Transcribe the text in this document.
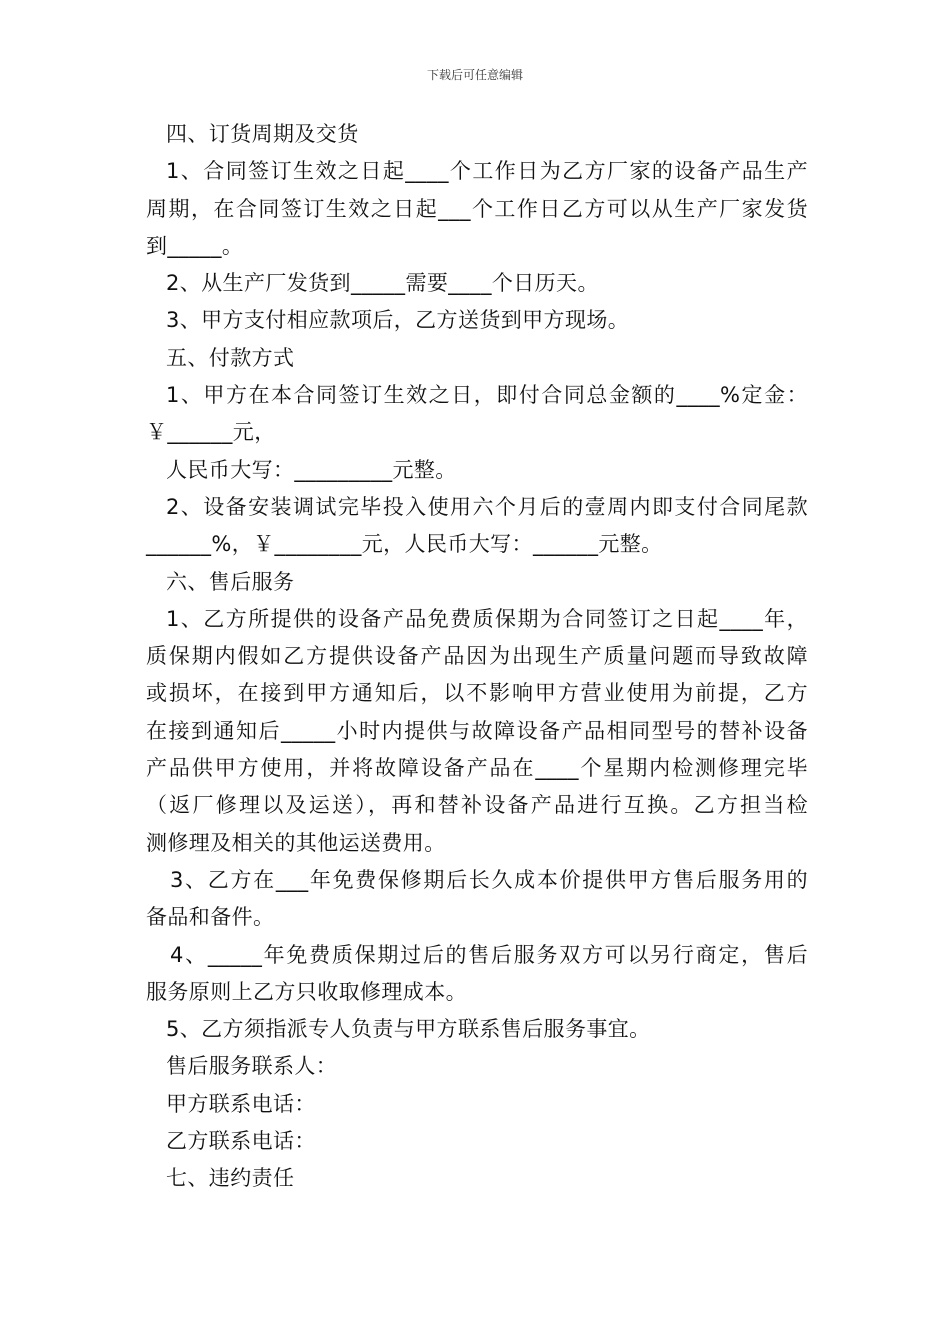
下载后可任意编辑
四、订货周期及交货
1、合同签订生效之日起____个工作日为乙方厂家的设备产品生产
周期，在合同签订生效之日起___个工作日乙方可以从生产厂家发货
到_____。
2、从生产厂发货到_____需要____个日历天。
3、甲方支付相应款项后，乙方送货到甲方现场。
五、付款方式
1、甲方在本合同签订生效之日，即付合同总金额的____%定金：
￥______元，
人民币大写：_________元整。
2、设备安装调试完毕投入使用六个月后的壹周内即支付合同尾款
______%，￥________元，人民币大写：______元整。
六、售后服务
1、乙方所提供的设备产品免费质保期为合同签订之日起____年，
质保期内假如乙方提供设备产品因为出现生产质量问题而导致故障
或损坏，在接到甲方通知后，以不影响甲方营业使用为前提，乙方
在接到通知后_____小时内提供与故障设备产品相同型号的替补设备
产品供甲方使用，并将故障设备产品在____个星期内检测修理完毕
（返厂修理以及运送），再和替补设备产品进行互换。乙方担当检
测修理及相关的其他运送费用。
3、乙方在___年免费保修期后长久成本价提供甲方售后服务用的
备品和备件。
4、_____年免费质保期过后的售后服务双方可以另行商定，售后
服务原则上乙方只收取修理成本。
5、乙方须指派专人负责与甲方联系售后服务事宜。
售后服务联系人：
甲方联系电话：
乙方联系电话：
七、违约责任
